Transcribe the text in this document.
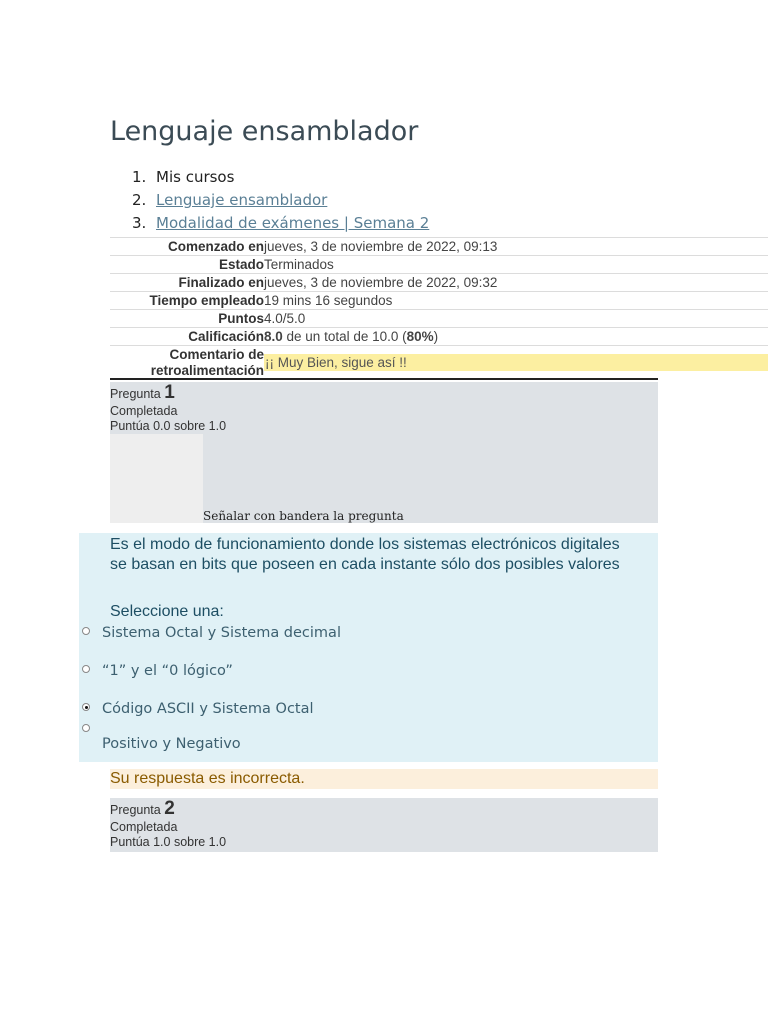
Lenguaje ensamblador
1. Mis cursos
2. Lenguaje ensamblador
3. Modalidad de exámenes | Semana 2
Comenzado en	jueves, 3 de noviembre de 2022, 09:13
Estado	Terminados
Finalizado en	jueves, 3 de noviembre de 2022, 09:32
Tiempo empleado	19 mins 16 segundos
Puntos	4.0/5.0
Calificación	8.0 de un total de 10.0 (80%)
Comentario de retroalimentación	¡¡ Muy Bien, sigue así !!
Pregunta 1
Completada
Puntúa 0.0 sobre 1.0
Señalar con bandera la pregunta

Es el modo de funcionamiento donde los sistemas electrónicos digitales se basan en bits que poseen en cada instante sólo dos posibles valores

Seleccione una:

Sistema Octal y Sistema decimal
“1” y el “0 lógico”
Código ASCII y Sistema Octal
Positivo y Negativo
Su respuesta es incorrecta.
Pregunta 2
Completada
Puntúa 1.0 sobre 1.0
